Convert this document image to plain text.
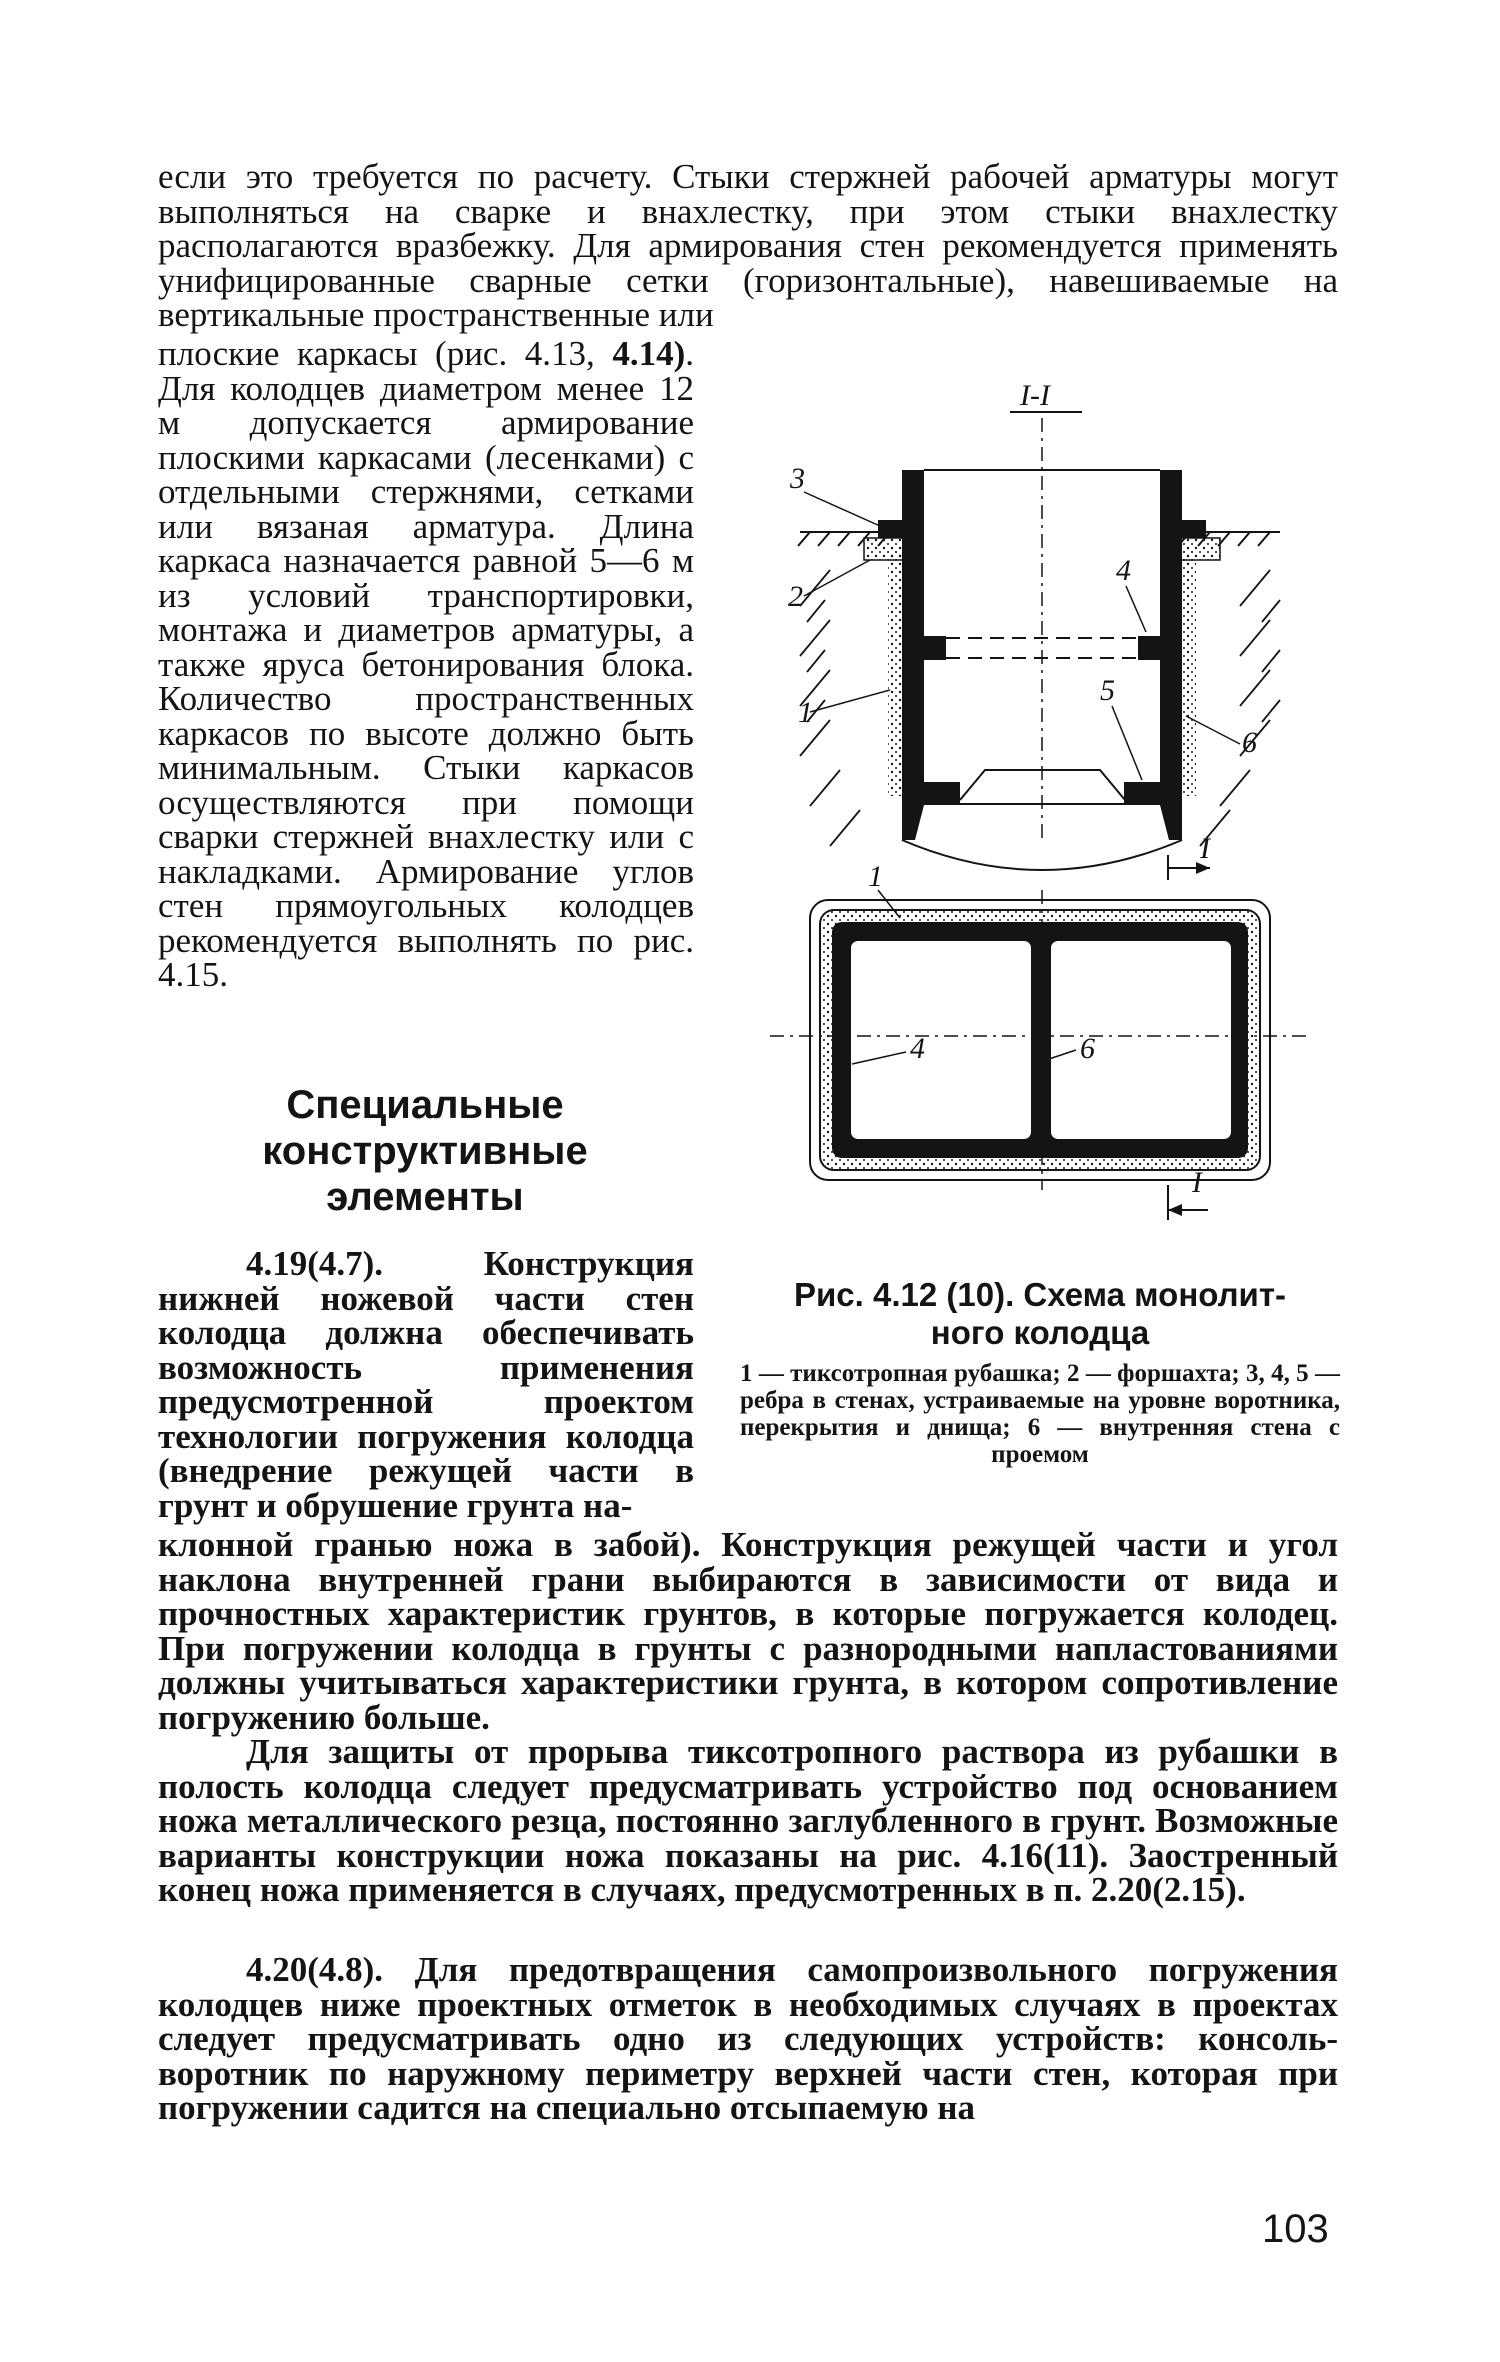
если это требуется по расчету. Стыки стержней рабочей арматуры могут выполняться на сварке и внахлестку, при этом стыки внахлестку располагаются вразбежку. Для армирования стен рекомендуется применять унифицированные сварные сетки (горизонтальные), навешиваемые на вертикальные пространственные или

плоские каркасы (рис. 4.13, 4.14). Для колодцев диаметром менее 12 м допускается армирование плоскими каркасами (лесенками) с отдельными стержнями, сетками или вязаная арматура. Длина каркаса назначается равной 5—6 м из условий транспортировки, монтажа и диаметров арматуры, а также яруса бетонирования блока. Количество пространственных каркасов по высоте должно быть минимальным. Стыки каркасов осуществляются при помощи сварки стержней внахлестку или с накладками. Армирование углов стен прямоугольных колодцев рекомендуется выполнять по рис. 4.15.

Специальные
конструктивные
элементы

4.19(4.7). Конструкция нижней ножевой части стен колодца должна обеспечивать возможность применения предусмотренной проектом технологии погружения колодца (внедрение режущей части в грунт и обрушение грунта на-

клонной гранью ножа в забой). Конструкция режущей части и угол наклона внутренней грани выбираются в зависимости от вида и прочностных характеристик грунтов, в которые погружается колодец. При погружении колодца в грунты с разнородными напластованиями должны учитываться характеристики грунта, в котором сопротивление погружению больше.

Для защиты от прорыва тиксотропного раствора из рубашки в полость колодца следует предусматривать устройство под основанием ножа металлического резца, постоянно заглубленного в грунт. Возможные варианты конструкции ножа показаны на рис. 4.16(11). Заостренный конец ножа применяется в случаях, предусмотренных в п. 2.20(2.15).

4.20(4.8). Для предотвращения самопроизвольного погружения колодцев ниже проектных отметок в необходимых случаях в проектах следует предусматривать одно из следующих устройств: консоль-воротник по наружному периметру верхней части стен, которая при погружении садится на специально отсыпаемую на

I-I
3
2
1
4
5
6
I
1
4	6
I
Рис. 4.12 (10). Схема монолит-
ного колодца
1 — тиксотропная рубашка; 2 — форшахта; 3, 4, 5 — ребра в стенах, устраиваемые на уровне воротника, перекрытия и днища; 6 — внутренняя стена с проемом
103
